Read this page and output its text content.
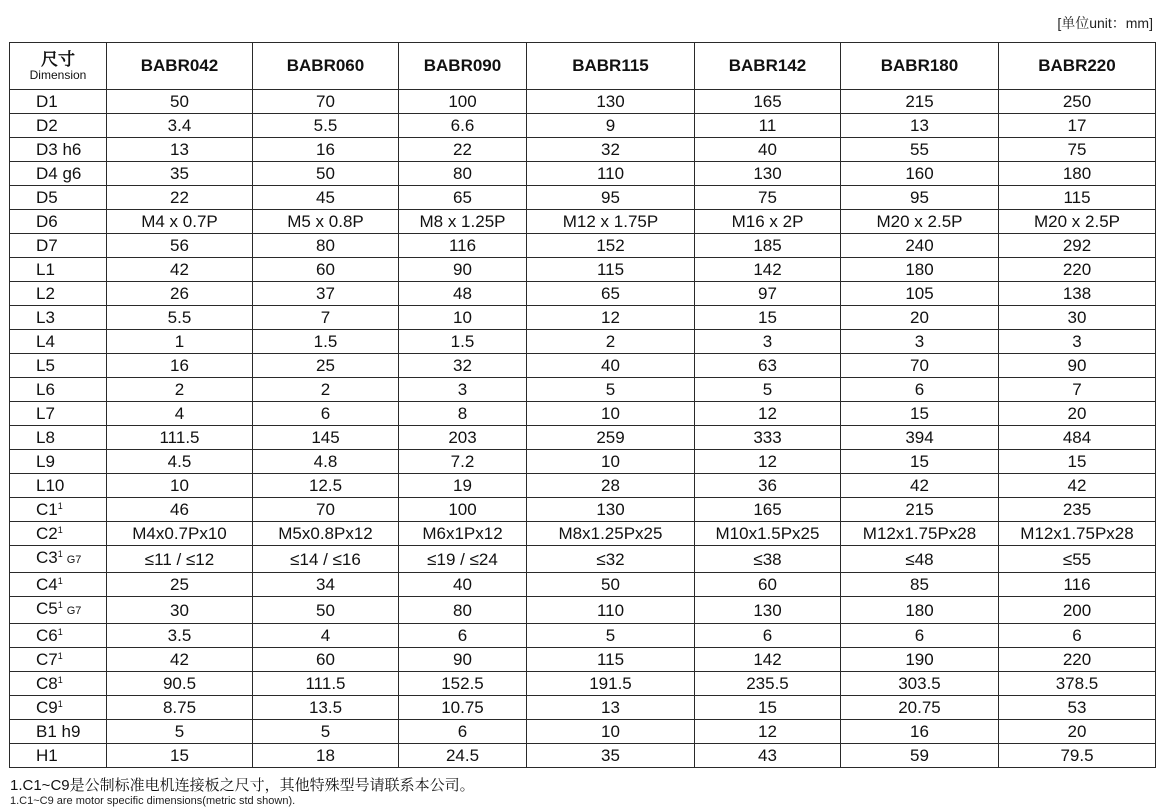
[单位unit：mm]
尺寸
Dimension	BABR042	BABR060	BABR090	BABR115	BABR142	BABR180	BABR220
D1	50	70	100	130	165	215	250
D2	3.4	5.5	6.6	9	11	13	17
D3 h6	13	16	22	32	40	55	75
D4 g6	35	50	80	110	130	160	180
D5	22	45	65	95	75	95	115
D6	M4 x 0.7P	M5 x 0.8P	M8 x 1.25P	M12 x 1.75P	M16 x 2P	M20 x 2.5P	M20 x 2.5P
D7	56	80	116	152	185	240	292
L1	42	60	90	115	142	180	220
L2	26	37	48	65	97	105	138
L3	5.5	7	10	12	15	20	30
L4	1	1.5	1.5	2	3	3	3
L5	16	25	32	40	63	70	90
L6	2	2	3	5	5	6	7
L7	4	6	8	10	12	15	20
L8	111.5	145	203	259	333	394	484
L9	4.5	4.8	7.2	10	12	15	15
L10	10	12.5	19	28	36	42	42
$C1^1$	46	70	100	130	165	215	235
$C2^1$	M4x0.7Px10	M5x0.8Px12	M6x1Px12	M8x1.25Px25	M10x1.5Px25	M12x1.75Px28	M12x1.75Px28
$C3^1$ G7	≤11 / ≤12	≤14 / ≤16	≤19 / ≤24	≤32	≤38	≤48	≤55
$C4^1$	25	34	40	50	60	85	116
$C5^1$ G7	30	50	80	110	130	180	200
$C6^1$	3.5	4	6	5	6	6	6
$C7^1$	42	60	90	115	142	190	220
$C8^1$	90.5	111.5	152.5	191.5	235.5	303.5	378.5
$C9^1$	8.75	13.5	10.75	13	15	20.75	53
B1 h9	5	5	6	10	12	16	20
H1	15	18	24.5	35	43	59	79.5
1.C1~C9是公制标准电机连接板之尺寸，其他特殊型号请联系本公司。
1.C1~C9 are motor specific dimensions(metric std shown).
